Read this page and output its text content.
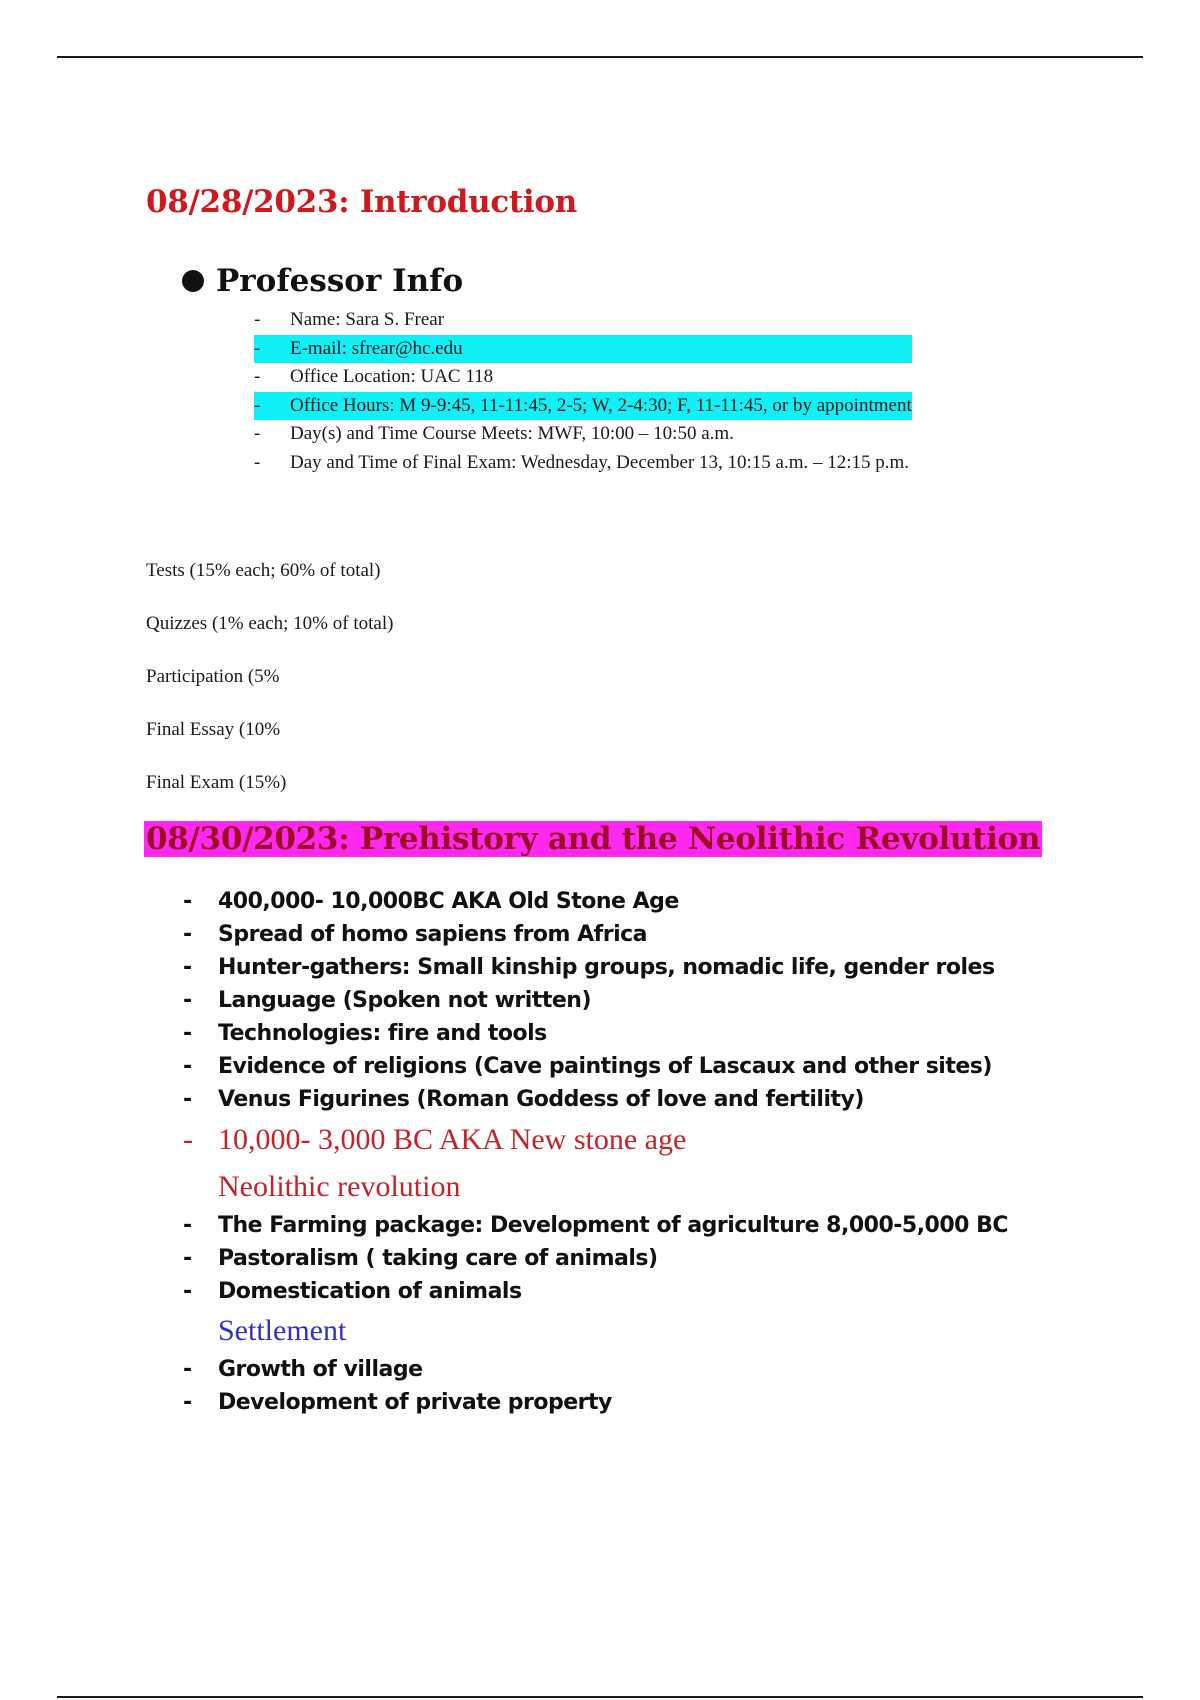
08/28/2023: Introduction
Professor Info
- Name: Sara S. Frear
- E-mail: sfrear@hc.edu
- Office Location: UAC 118
- Office Hours: M 9-9:45, 11-11:45, 2-5; W, 2-4:30; F, 11-11:45, or by appointment
- Day(s) and Time Course Meets: MWF, 10:00 – 10:50 a.m.
- Day and Time of Final Exam: Wednesday, December 13, 10:15 a.m. – 12:15 p.m.
Tests (15% each; 60% of total)
Quizzes (1% each; 10% of total)
Participation (5%
Final Essay (10%
Final Exam (15%)
08/30/2023: Prehistory and the Neolithic Revolution
- 400,000- 10,000BC AKA Old Stone Age
- Spread of homo sapiens from Africa
- Hunter-gathers: Small kinship groups, nomadic life, gender roles
- Language (Spoken not written)
- Technologies: fire and tools
- Evidence of religions (Cave paintings of Lascaux and other sites)
- Venus Figurines (Roman Goddess of love and fertility)
- 10,000- 3,000 BC AKA New stone age
Neolithic revolution
- The Farming package: Development of agriculture 8,000-5,000 BC
- Pastoralism ( taking care of animals)
- Domestication of animals
Settlement
- Growth of village
- Development of private property
